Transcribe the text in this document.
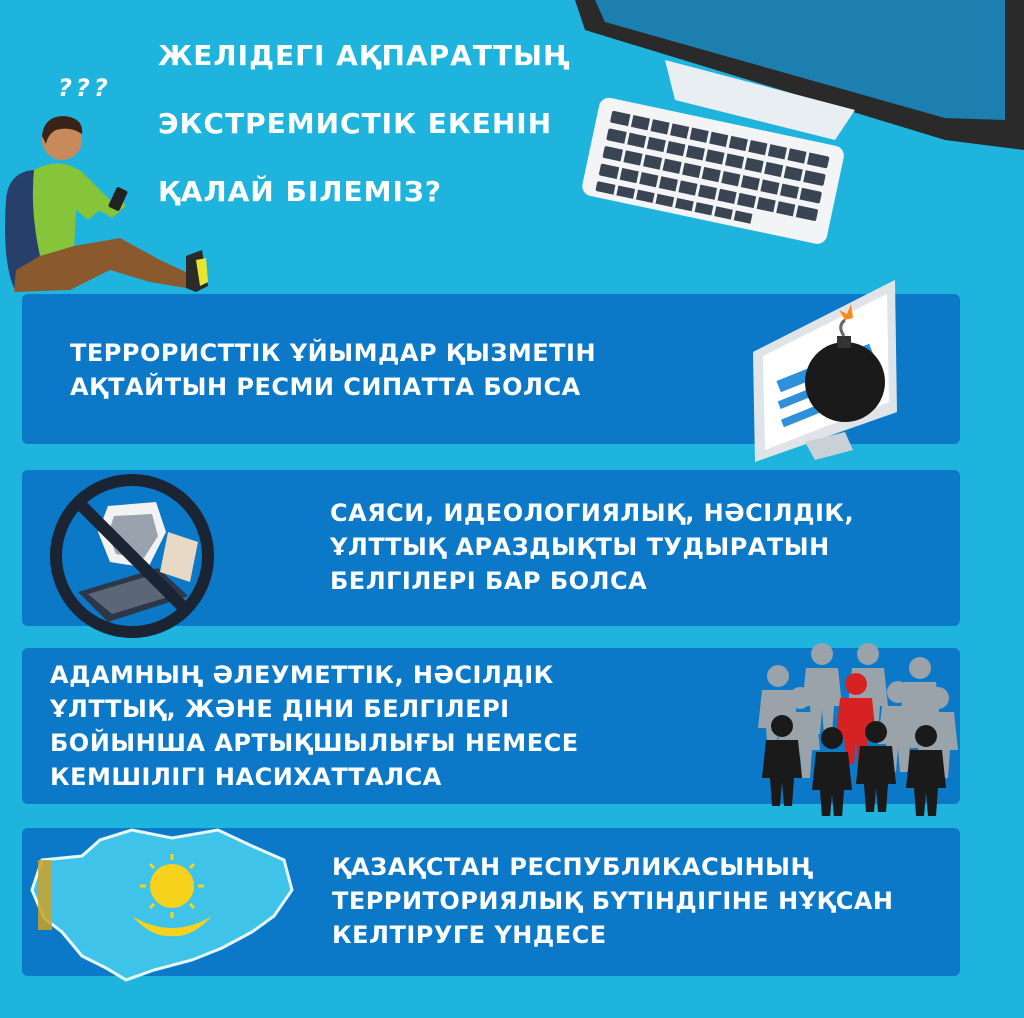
???
ЖЕЛІДЕГІ АҚПАРАТТЫҢ
ЭКСТРЕМИСТІК ЕКЕНІН
ҚАЛАЙ БІЛЕМІЗ?
ТЕРРОРИСТТІК ҰЙЫМДАР ҚЫЗМЕТІН
АҚТАЙТЫН РЕСМИ СИПАТТА БОЛСА
САЯСИ, ИДЕОЛОГИЯЛЫҚ, НӘСІЛДІК,
ҰЛТТЫҚ АРАЗДЫҚТЫ ТУДЫРАТЫН
БЕЛГІЛЕРІ БАР БОЛСА
АДАМНЫҢ ӘЛЕУМЕТТІК, НӘСІЛДІК
ҰЛТТЫҚ, ЖӘНЕ ДІНИ БЕЛГІЛЕРІ
БОЙЫНША АРТЫҚШЫЛЫҒЫ НЕМЕСЕ
КЕМШІЛІГІ НАСИХАТТАЛСА
ҚАЗАҚСТАН РЕСПУБЛИКАСЫНЫҢ
ТЕРРИТОРИЯЛЫҚ БҮТІНДІГІНЕ НҰҚСАН
КЕЛТІРУГЕ ҮНДЕСЕ
